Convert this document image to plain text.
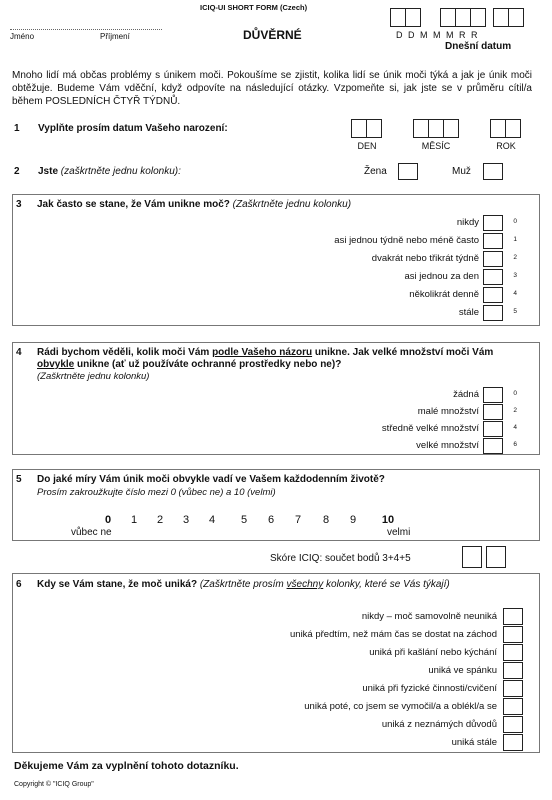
ICIQ-UI SHORT FORM (Czech)
Jméno	Příjmení	DŮVĚRNÉ	D D M M M R R
Dnešní datum
Mnoho lidí má občas problémy s únikem moči. Pokoušíme se zjistit, kolika lidí se únik moči týká a jak je únik moči obtěžuje. Budeme Vám vděční, když odpovíte na následující otázky. Vzpomeňte si, jak jste se v průměru cítil/a během POSLEDNÍCH ČTYŘ TÝDNŮ.
1 Vyplňte prosím datum Vašeho narození:
DEN	MĚSÍC	ROK
2 Jste (zaškrtněte jednu kolonku):	Žena	Muž
3 Jak často se stane, že Vám unikne moč? (Zaškrtněte jednu kolonku)
nikdy	0
asi jednou týdně nebo méně často	1
dvakrát nebo třikrát týdně	2
asi jednou za den	3
několikrát denně	4
stále	5
4 Rádi bychom věděli, kolik moči Vám podle Vašeho názoru unikne. Jak velké množství moči Vám obvykle unikne (ať už používáte ochranné prostředky nebo ne)?
(Zaškrtněte jednu kolonku)
žádná	0
malé množství	2
středně velké množství	4
velké množství	6
5 Do jaké míry Vám únik moči obvykle vadí ve Vašem každodenním životě?
Prosím zakroužkujte číslo mezi 0 (vůbec ne) a 10 (velmi)
0	1	2	3	4	5	6	7	8	9	10
vůbec ne	velmi
Skóre ICIQ: součet bodů 3+4+5
6 Kdy se Vám stane, že moč uniká? (Zaškrtněte prosím všechny kolonky, které se Vás týkají)
nikdy – moč samovolně neuniká
uniká předtím, než mám čas se dostat na záchod
uniká při kašlání nebo kýchání
uniká ve spánku
uniká při fyzické činnosti/cvičení
uniká poté, co jsem se vymočil/a a oblékl/a se
uniká z neznámých důvodů
uniká stále
Děkujeme Vám za vyplnění tohoto dotazníku.
Copyright © "ICIQ Group"
